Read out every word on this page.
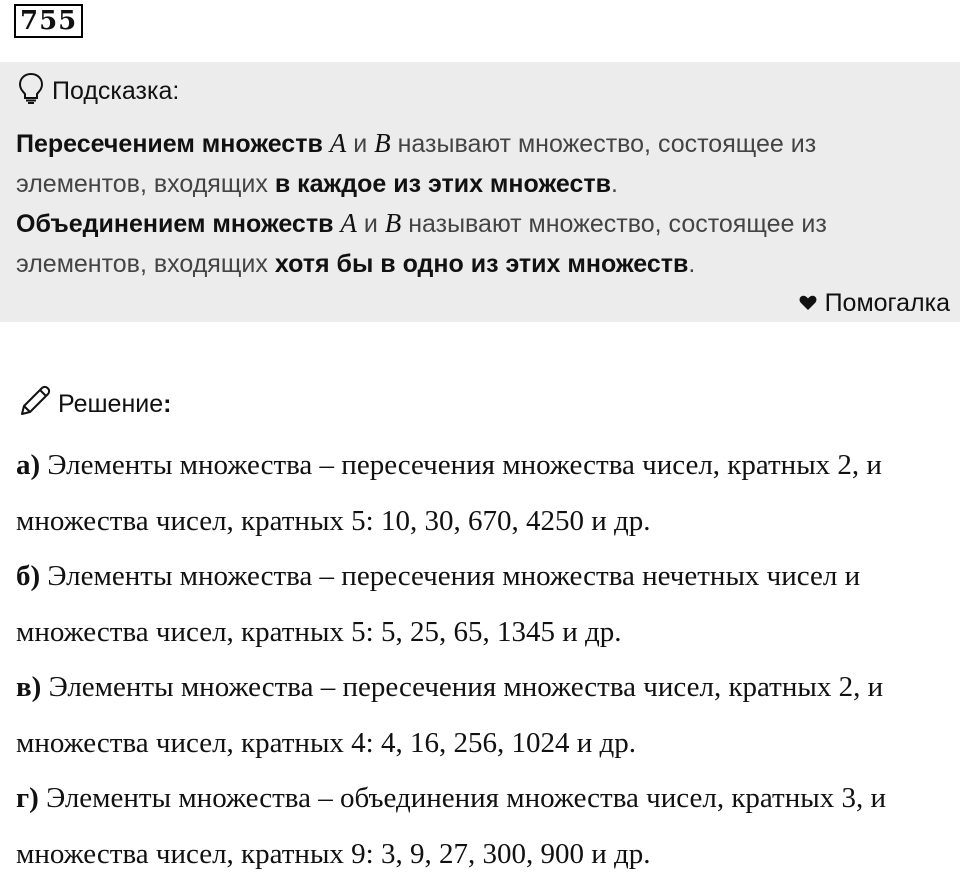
755
Подсказка:
Пересечением множеств A и B называют множество, состоящее из элементов, входящих в каждое из этих множеств.
Объединением множеств A и B называют множество, состоящее из элементов, входящих хотя бы в одно из этих множеств.
Помогалка
Решение :

а) Элементы множества – пересечения множества чисел, кратных 2, и множества чисел, кратных 5: 10, 30, 670, 4250 и др.

б) Элементы множества – пересечения множества нечетных чисел и множества чисел, кратных 5: 5, 25, 65, 1345 и др.

в) Элементы множества – пересечения множества чисел, кратных 2, и множества чисел, кратных 4: 4, 16, 256, 1024 и др.

г) Элементы множества – объединения множества чисел, кратных 3, и множества чисел, кратных 9: 3, 9, 27, 300, 900 и др.
